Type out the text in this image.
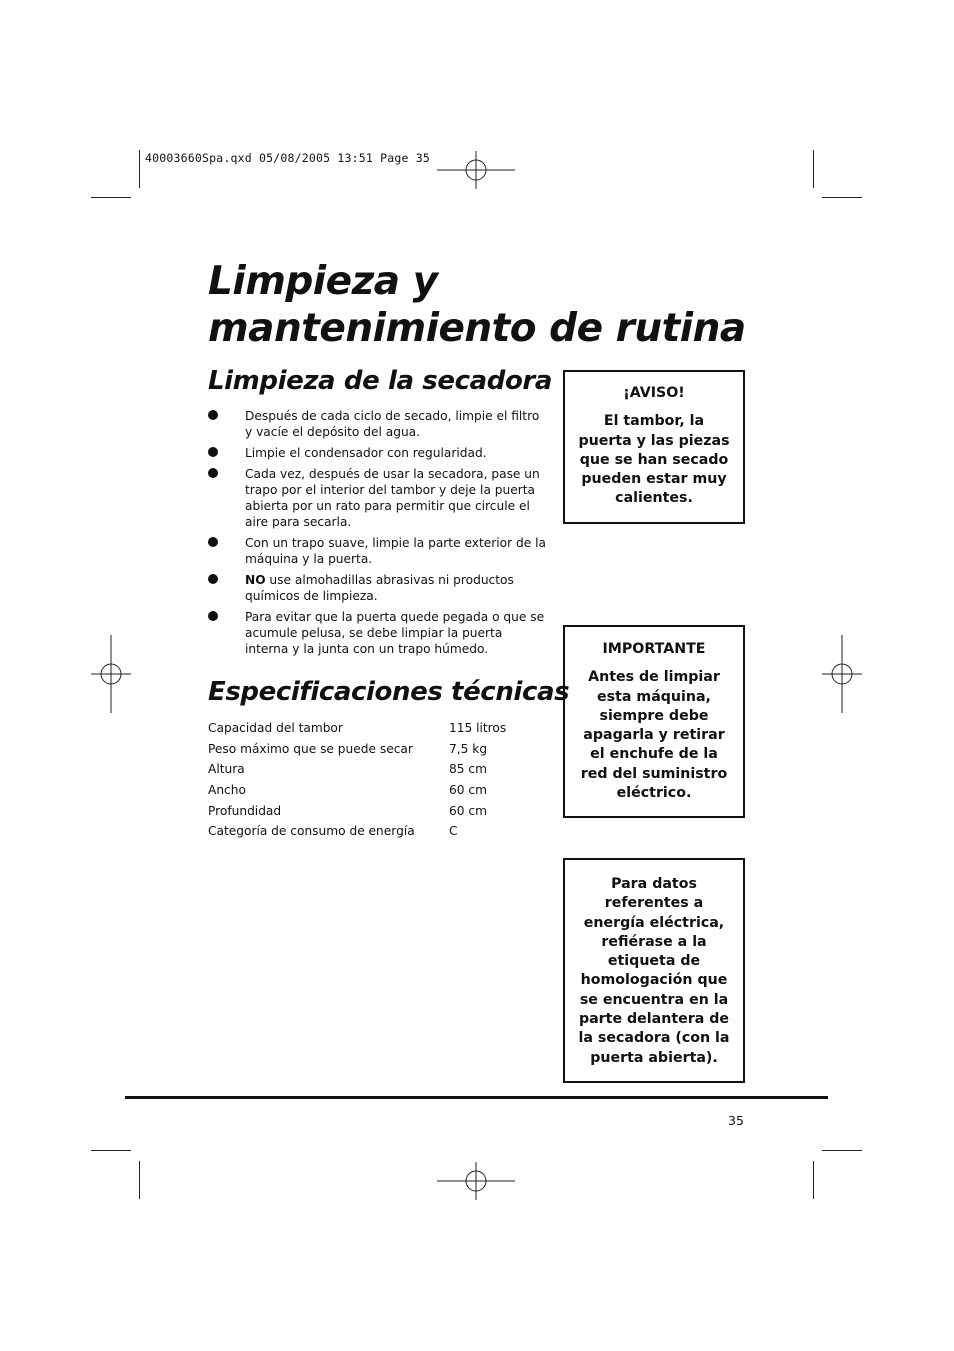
40003660Spa.qxd 05/08/2005 13:51 Page 35
Limpieza y mantenimiento de rutina
Limpieza de la secadora
Después de cada ciclo de secado, limpie el filtro y vacíe el depósito del agua.
Limpie el condensador con regularidad.
Cada vez, después de usar la secadora, pase un trapo por el interior del tambor y deje la puerta abierta por un rato para permitir que circule el aire para secarla.
Con un trapo suave, limpie la parte exterior de la máquina y la puerta.
NO use almohadillas abrasivas ni productos químicos de limpieza.
Para evitar que la puerta quede pegada o que se acumule pelusa, se debe limpiar la puerta interna y la junta con un trapo húmedo.
Especificaciones técnicas
Capacidad del tambor	115 litros
Peso máximo que se puede secar	7,5 kg
Altura	85 cm
Ancho	60 cm
Profundidad	60 cm
Categoría de consumo de energía	C
¡AVISO!
El tambor, la puerta y las piezas que se han secado pueden estar muy calientes.
IMPORTANTE
Antes de limpiar esta máquina, siempre debe apagarla y retirar el enchufe de la red del suministro eléctrico.
Para datos referentes a energía eléctrica, refiérase a la etiqueta de homologación que se encuentra en la parte delantera de la secadora (con la puerta abierta).
35
